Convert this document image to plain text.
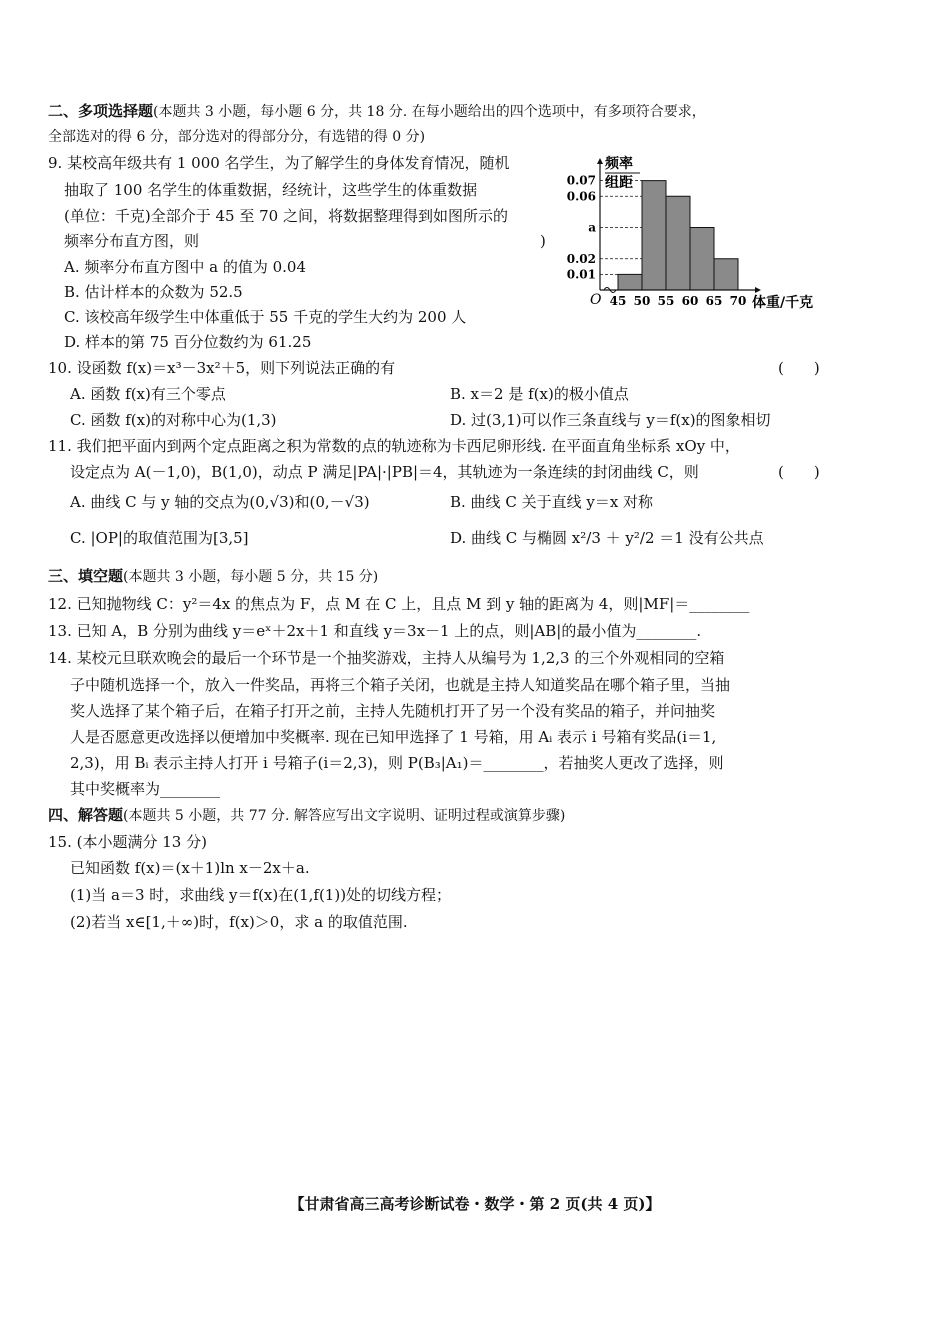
二、多项选择题(本题共 3 小题，每小题 6 分，共 18 分. 在每小题给出的四个选项中，有多项符合要求，
全部选对的得 6 分，部分选对的得部分分，有选错的得 0 分)
9. 某校高年级共有 1 000 名学生，为了解学生的身体发育情况，随机
抽取了 100 名学生的体重数据，经统计，这些学生的体重数据
(单位：千克)全部介于 45 至 70 之间，将数据整理得到如图所示的
频率分布直方图，则	)
A. 频率分布直方图中 a 的值为 0.04
B. 估计样本的众数为 52.5
C. 该校高年级学生中体重低于 55 千克的学生大约为 200 人
D. 样本的第 75 百分位数约为 61.25
频率
组距
0.07
0.06
a
0.02
0.01
45 50 55 60 65 70
O	体重/千克
10. 设函数 f(x)＝x³－3x²＋5，则下列说法正确的有	(　　)
A. 函数 f(x)有三个零点	B. x＝2 是 f(x)的极小值点
C. 函数 f(x)的对称中心为(1,3)	D. 过(3,1)可以作三条直线与 y＝f(x)的图象相切
11. 我们把平面内到两个定点距离之积为常数的点的轨迹称为卡西尼卵形线. 在平面直角坐标系 xOy 中，
设定点为 A(－1,0)，B(1,0)，动点 P 满足|PA|·|PB|＝4，其轨迹为一条连续的封闭曲线 C，则	(　　)
A. 曲线 C 与 y 轴的交点为(0,√3)和(0,－√3)	B. 曲线 C 关于直线 y＝x 对称
C. |OP|的取值范围为[3,5]	D. 曲线 C 与椭圆 x²/3 ＋ y²/2 ＝1 没有公共点
三、填空题(本题共 3 小题，每小题 5 分，共 15 分)
12. 已知抛物线 C：y²＝4x 的焦点为 F，点 M 在 C 上，且点 M 到 y 轴的距离为 4，则|MF|＝________
13. 已知 A，B 分别为曲线 y＝eˣ＋2x＋1 和直线 y＝3x－1 上的点，则|AB|的最小值为________.
14. 某校元旦联欢晚会的最后一个环节是一个抽奖游戏，主持人从编号为 1,2,3 的三个外观相同的空箱
子中随机选择一个，放入一件奖品，再将三个箱子关闭，也就是主持人知道奖品在哪个箱子里，当抽
奖人选择了某个箱子后，在箱子打开之前，主持人先随机打开了另一个没有奖品的箱子，并问抽奖
人是否愿意更改选择以便增加中奖概率. 现在已知甲选择了 1 号箱，用 Aᵢ 表示 i 号箱有奖品(i＝1,
2,3)，用 Bᵢ 表示主持人打开 i 号箱子(i＝2,3)，则 P(B₃|A₁)＝________，若抽奖人更改了选择，则
其中奖概率为________
四、解答题(本题共 5 小题，共 77 分. 解答应写出文字说明、证明过程或演算步骤)
15. (本小题满分 13 分)
已知函数 f(x)＝(x＋1)ln x－2x＋a.
(1)当 a＝3 时，求曲线 y＝f(x)在(1,f(1))处的切线方程；
(2)若当 x∈[1,＋∞)时，f(x)＞0，求 a 的取值范围.
【甘肃省高三高考诊断试卷・数学・第 2 页(共 4 页)】
